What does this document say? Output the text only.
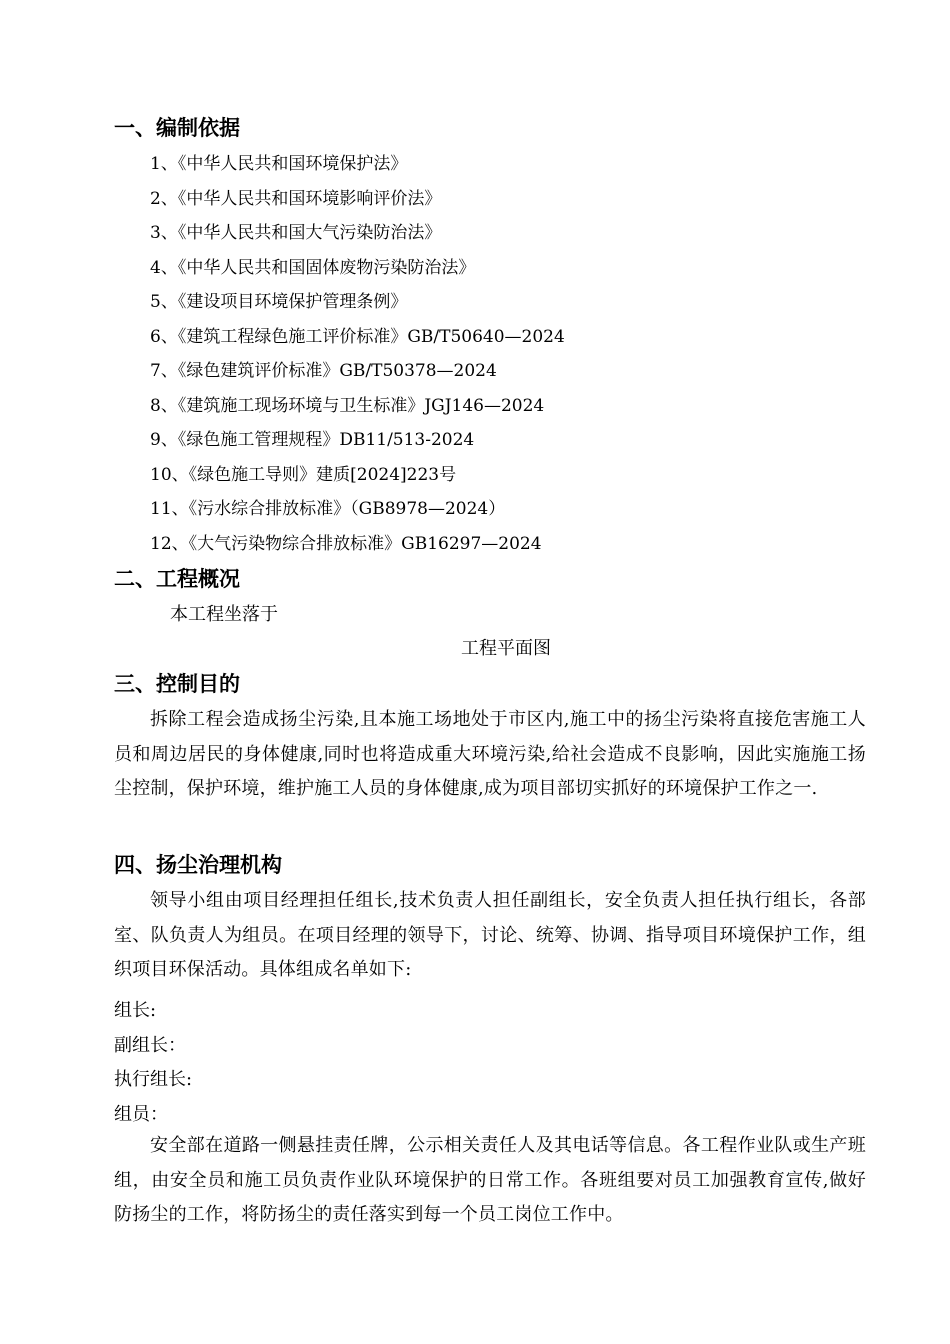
一、编制依据
1、《中华人民共和国环境保护法》
2、《中华人民共和国环境影响评价法》
3、《中华人民共和国大气污染防治法》
4、《中华人民共和国固体废物污染防治法》
5、《建设项目环境保护管理条例》
6、《建筑工程绿色施工评价标准》GB/T50640—2024
7、《绿色建筑评价标准》GB/T50378—2024
8、《建筑施工现场环境与卫生标准》JGJ146—2024
9、《绿色施工管理规程》DB11/513-2024
10、《绿色施工导则》建质[2024]223号
11、《污水综合排放标准》（GB8978—2024）
12、《大气污染物综合排放标准》GB16297—2024
二、工程概况
本工程坐落于
工程平面图
三、控制目的
拆除工程会造成扬尘污染,且本施工场地处于市区内,施工中的扬尘污染将直接危害施工人员和周边居民的身体健康,同时也将造成重大环境污染,给社会造成不良影响，因此实施施工扬尘控制，保护环境，维护施工人员的身体健康,成为项目部切实抓好的环境保护工作之一.
四、扬尘治理机构
领导小组由项目经理担任组长,技术负责人担任副组长，安全负责人担任执行组长，各部室、队负责人为组员。在项目经理的领导下，讨论、统筹、协调、指导项目环境保护工作，组织项目环保活动。具体组成名单如下:
组长:
副组长：
执行组长:
组员：
安全部在道路一侧悬挂责任牌，公示相关责任人及其电话等信息。各工程作业队或生产班组，由安全员和施工员负责作业队环境保护的日常工作。各班组要对员工加强教育宣传,做好防扬尘的工作，将防扬尘的责任落实到每一个员工岗位工作中。
